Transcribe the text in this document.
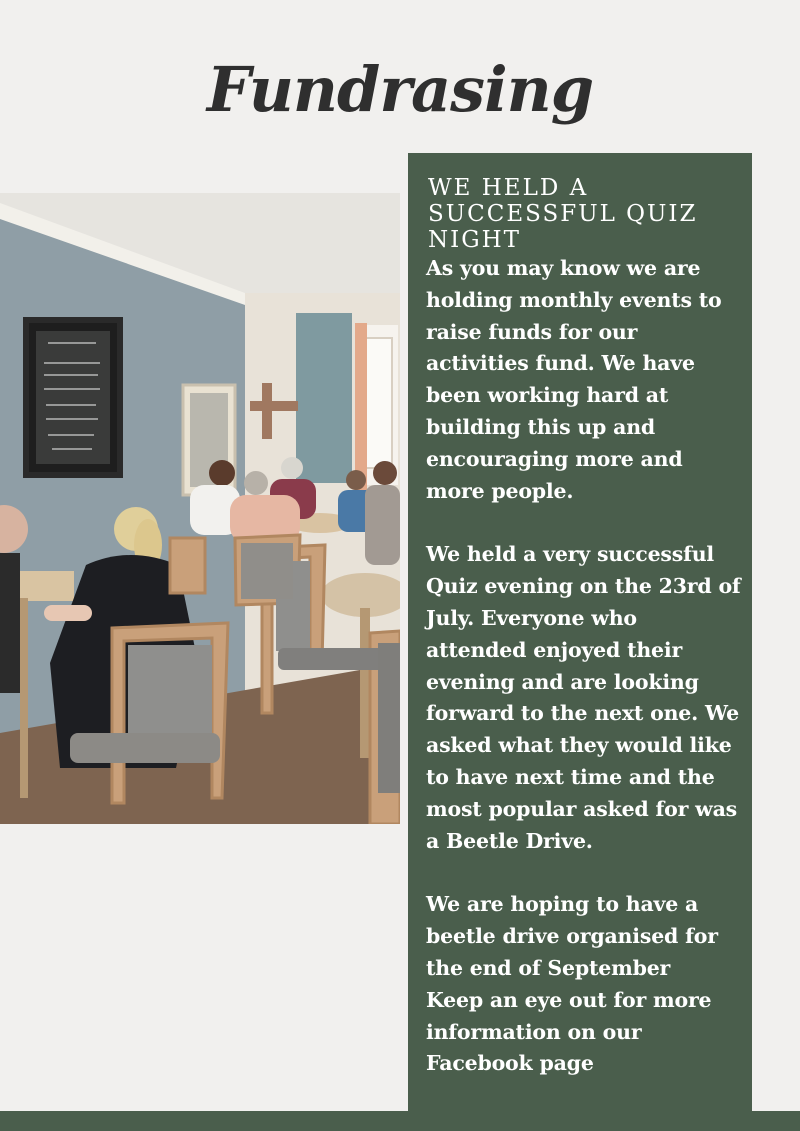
Fundrasing
WE HELD A SUCCESSFUL QUIZ NIGHT

As you may know we are holding monthly events to raise funds for our activities fund. We have been working hard at building this up and encouraging more and more people.

We held a very successful Quiz evening on the 23rd of July. Everyone who attended enjoyed their evening and are looking forward to the next one. We asked what they would like to have next time and the most popular asked for was a Beetle Drive.

We are hoping to have a beetle drive organised for the end of September
Keep an eye out for more information on our Facebook page
